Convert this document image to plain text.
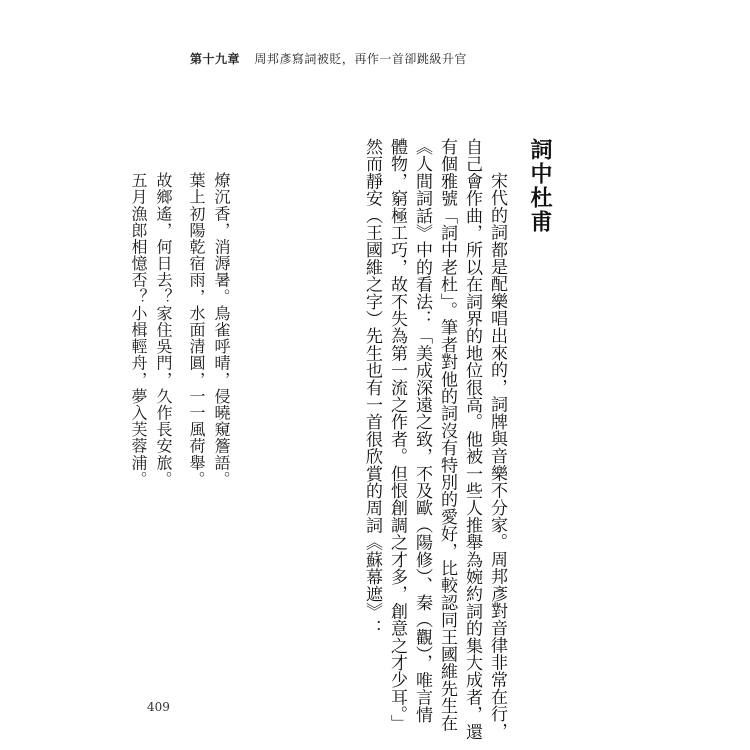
第十九章 周邦彥寫詞被貶，再作一首卻跳級升官
詞中杜甫
宋代的詞都是配樂唱出來的，詞牌與音樂不分家。周邦彥對音律非常在行，
自己會作曲，所以在詞界的地位很高。他被一些人推舉為婉約詞的集大成者，還
有個雅號「詞中老杜」。筆者對他的詞沒有特別的愛好，比較認同王國維先生在
《人間詞話》中的看法：「美成深遠之致，不及歐（陽修）、秦（觀），唯言情
體物，窮極工巧，故不失為第一流之作者。但恨創調之才多，創意之才少耳。」
然而靜安（王國維之字）先生也有一首很欣賞的周詞《蘇幕遮》：
燎沉香，消溽暑。鳥雀呼晴，侵曉窺簷語。
葉上初陽乾宿雨，水面清圓，一一風荷舉。
故鄉遙，何日去？家住吳門，久作長安旅。
五月漁郎相憶否？小楫輕舟，夢入芙蓉浦。
409
